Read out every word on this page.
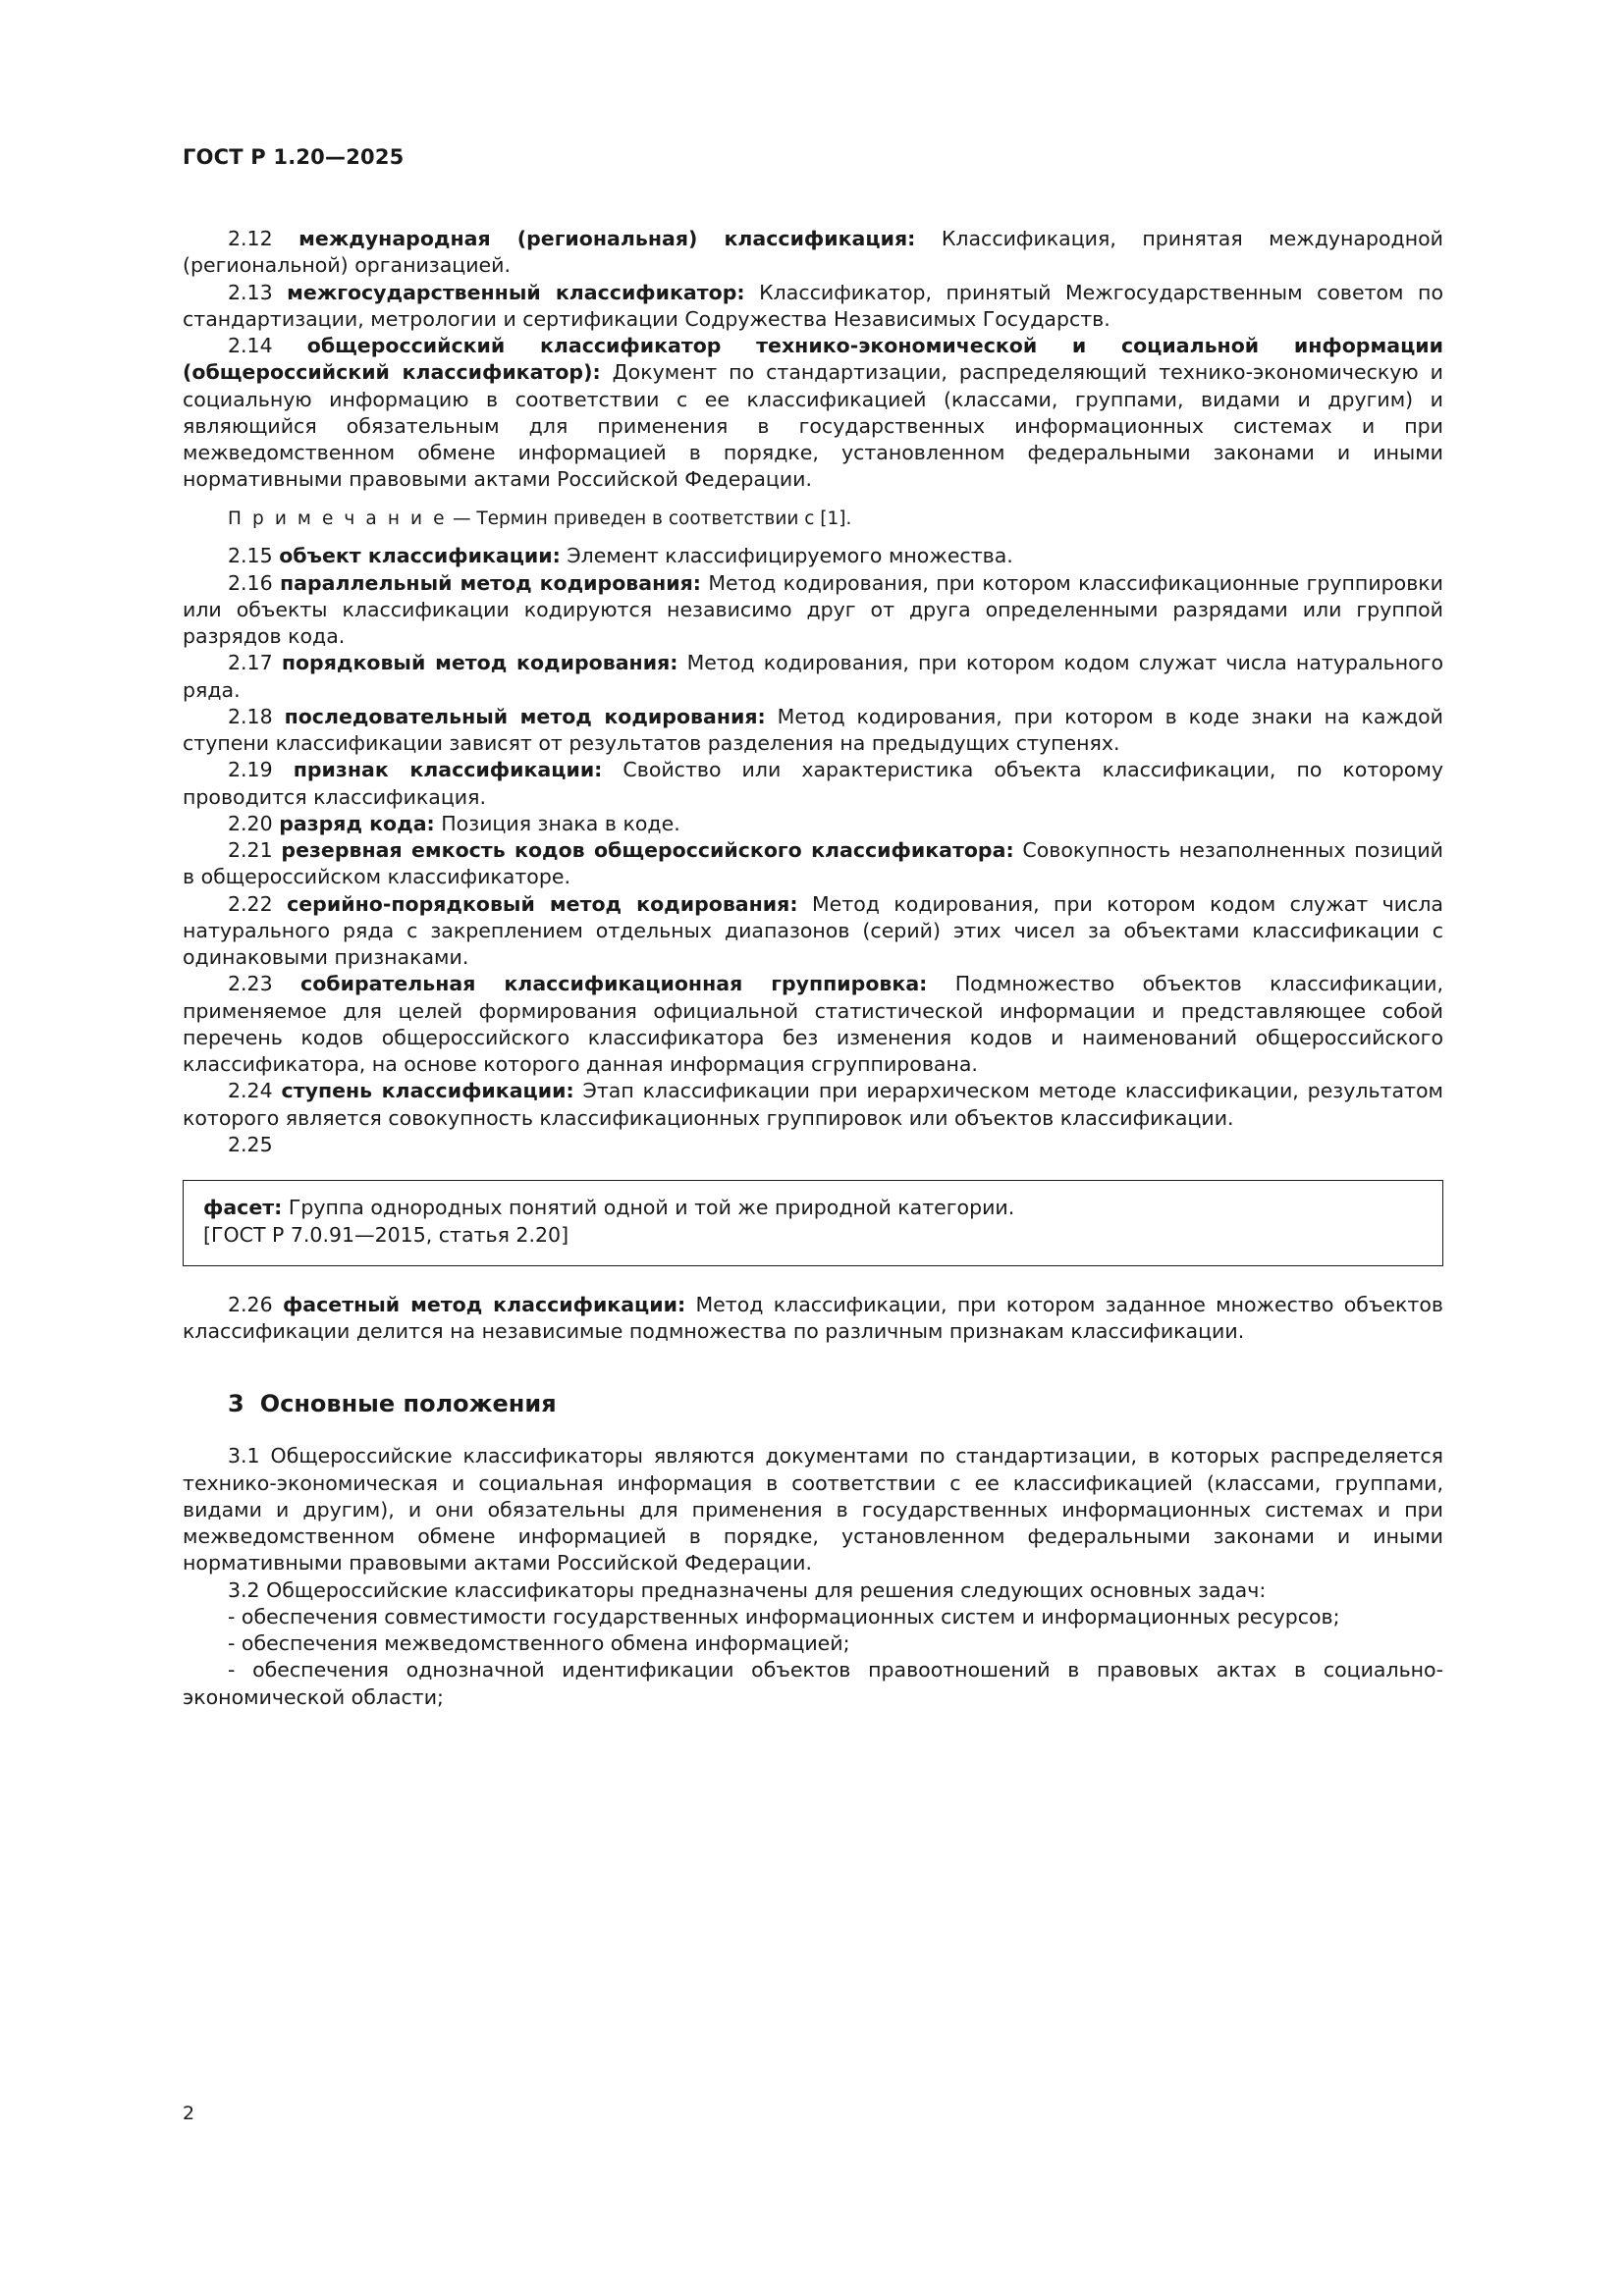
ГОСТ Р 1.20—2025

2.12 международная (региональная) классификация: Классификация, принятая международной (региональной) организацией.

2.13 межгосударственный классификатор: Классификатор, принятый Межгосударственным советом по стандартизации, метрологии и сертификации Содружества Независимых Государств.

2.14 общероссийский классификатор технико-экономической и социальной информации (общероссийский классификатор): Документ по стандартизации, распределяющий технико-экономическую и социальную информацию в соответствии с ее классификацией (классами, группами, видами и другим) и являющийся обязательным для применения в государственных информационных системах и при межведомственном обмене информацией в порядке, установленном федеральными законами и иными нормативными правовыми актами Российской Федерации.

П р и м е ч а н и е — Термин приведен в соответствии с [1].

2.15 объект классификации: Элемент классифицируемого множества.

2.16 параллельный метод кодирования: Метод кодирования, при котором классификационные группировки или объекты классификации кодируются независимо друг от друга определенными разрядами или группой разрядов кода.

2.17 порядковый метод кодирования: Метод кодирования, при котором кодом служат числа натурального ряда.

2.18 последовательный метод кодирования: Метод кодирования, при котором в коде знаки на каждой ступени классификации зависят от результатов разделения на предыдущих ступенях.

2.19 признак классификации: Свойство или характеристика объекта классификации, по которому проводится классификация.

2.20 разряд кода: Позиция знака в коде.

2.21 резервная емкость кодов общероссийского классификатора: Совокупность незаполненных позиций в общероссийском классификаторе.

2.22 серийно-порядковый метод кодирования: Метод кодирования, при котором кодом служат числа натурального ряда с закреплением отдельных диапазонов (серий) этих чисел за объектами классификации с одинаковыми признаками.

2.23 собирательная классификационная группировка: Подмножество объектов классификации, применяемое для целей формирования официальной статистической информации и представляющее собой перечень кодов общероссийского классификатора без изменения кодов и наименований общероссийского классификатора, на основе которого данная информация сгруппирована.

2.24 ступень классификации: Этап классификации при иерархическом методе классификации, результатом которого является совокупность классификационных группировок или объектов классификации.

2.25

фасет: Группа однородных понятий одной и той же природной категории.
[ГОСТ Р 7.0.91—2015, статья 2.20]

2.26 фасетный метод классификации: Метод классификации, при котором заданное множество объектов классификации делится на независимые подмножества по различным признакам классификации.

3 Основные положения

3.1 Общероссийские классификаторы являются документами по стандартизации, в которых распределяется технико-экономическая и социальная информация в соответствии с ее классификацией (классами, группами, видами и другим), и они обязательны для применения в государственных информационных системах и при межведомственном обмене информацией в порядке, установленном федеральными законами и иными нормативными правовыми актами Российской Федерации.

3.2 Общероссийские классификаторы предназначены для решения следующих основных задач:

- обеспечения совместимости государственных информационных систем и информационных ресурсов;

- обеспечения межведомственного обмена информацией;

- обеспечения однозначной идентификации объектов правоотношений в правовых актах в социально-экономической области;

2
